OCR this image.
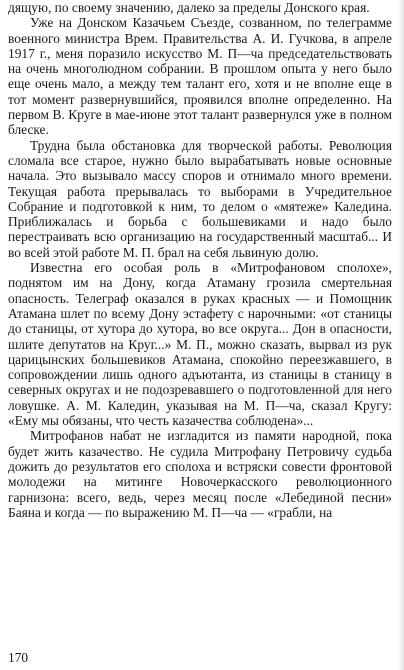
дящую, по своему значению, далеко за пределы Донского края.

Уже на Донском Казачьем Съезде, созванном, по телеграмме военного министра Врем. Правительства А. И. Гучкова, в апреле 1917 г., меня поразило искусство М. П—ча председательствовать на очень многолюдном собрании. В прошлом опыта у него было еще очень мало, а между тем талант его, хотя и не вполне еще в тот момент развернувшийся, проявился вполне определенно. На первом В. Круге в мае-июне этот талант развернулся уже в полном блеске.

Трудна была обстановка для творческой работы. Революция сломала все старое, нужно было вырабатывать новые основные начала. Это вызывало массу споров и отнимало много времени. Текущая работа прерывалась то выборами в Учредительное Собрание и подготовкой к ним, то делом о «мятеже» Каледина. Приближалась и борьба с большевиками и надо было перестраивать всю организацию на государственный масштаб... И во всей этой работе М. П. брал на себя львиную долю.

Известна его особая роль в «Митрофановом сполохе», поднятом им на Дону, когда Атаману грозила смертельная опасность. Телеграф оказался в руках красных — и Помощник Атамана шлет по всему Дону эстафету с нарочными: «от станицы до станицы, от хутора до хутора, во все округа... Дон в опасности, шлите депутатов на Круг...» М. П., можно сказать, вырвал из рук царицынских большевиков Атамана, спокойно переезжавшего, в сопровождении лишь одного адъютанта, из станицы в станицу в северных округах и не подозревавшего о подготовленной для него ловушке. А. М. Каледин, указывая на М. П—ча, сказал Кругу: «Ему мы обязаны, что честь казачества соблюдена»...

Митрофанов набат не изгладится из памяти народной, пока будет жить казачество. Не судила Митрофану Петровичу судьба дожить до результатов его сполоха и встряски совести фронтовой молодежи на митинге Новочеркасского революционного гарнизона: всего, ведь, через месяц после «Лебединой песни» Баяна и когда — по выражению М. П—ча — «грабли, на

170
